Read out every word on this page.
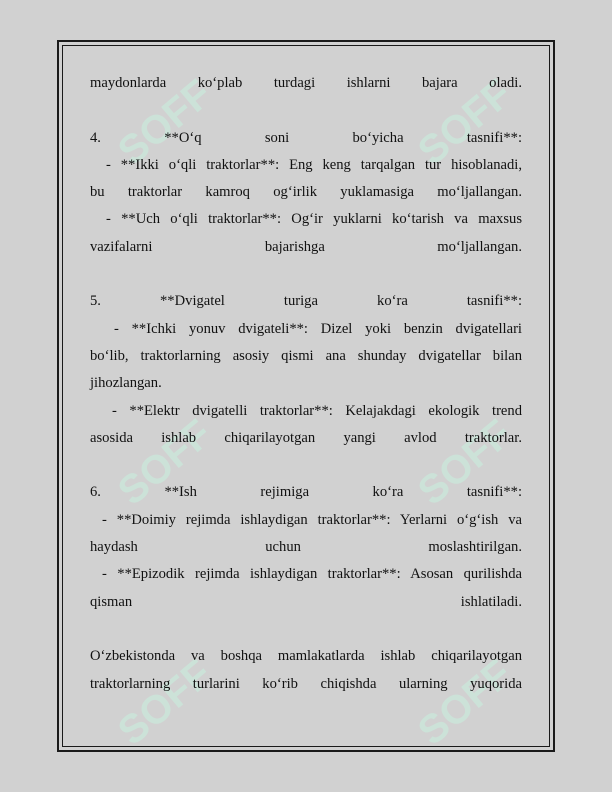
SOFF	SOFF
SOFF	SOFF
SOFF	SOFF
maydonlarda ko‘plab turdagi ishlarni bajara oladi.
4. **O‘q soni bo‘yicha tasnifi**:
- **Ikki o‘qli traktorlar**: Eng keng tarqalgan tur hisoblanadi,
bu traktorlar kamroq og‘irlik yuklamasiga mo‘ljallangan.
- **Uch o‘qli traktorlar**: Og‘ir yuklarni ko‘tarish va maxsus
vazifalarni bajarishga mo‘ljallangan.
5. **Dvigatel turiga ko‘ra tasnifi**:
- **Ichki yonuv dvigateli**: Dizel yoki benzin dvigatellari
bo‘lib, traktorlarning asosiy qismi ana shunday dvigatellar bilan
jihozlangan.
- **Elektr dvigatelli traktorlar**: Kelajakdagi ekologik trend
asosida ishlab chiqarilayotgan yangi avlod traktorlar.
6. **Ish rejimiga ko‘ra tasnifi**:
- **Doimiy rejimda ishlaydigan traktorlar**: Yerlarni o‘g‘ish va
haydash uchun moslashtirilgan.
- **Epizodik rejimda ishlaydigan traktorlar**: Asosan qurilishda
qisman ishlatiladi.
O‘zbekistonda va boshqa mamlakatlarda ishlab chiqarilayotgan
traktorlarning turlarini ko‘rib chiqishda ularning yuqorida
